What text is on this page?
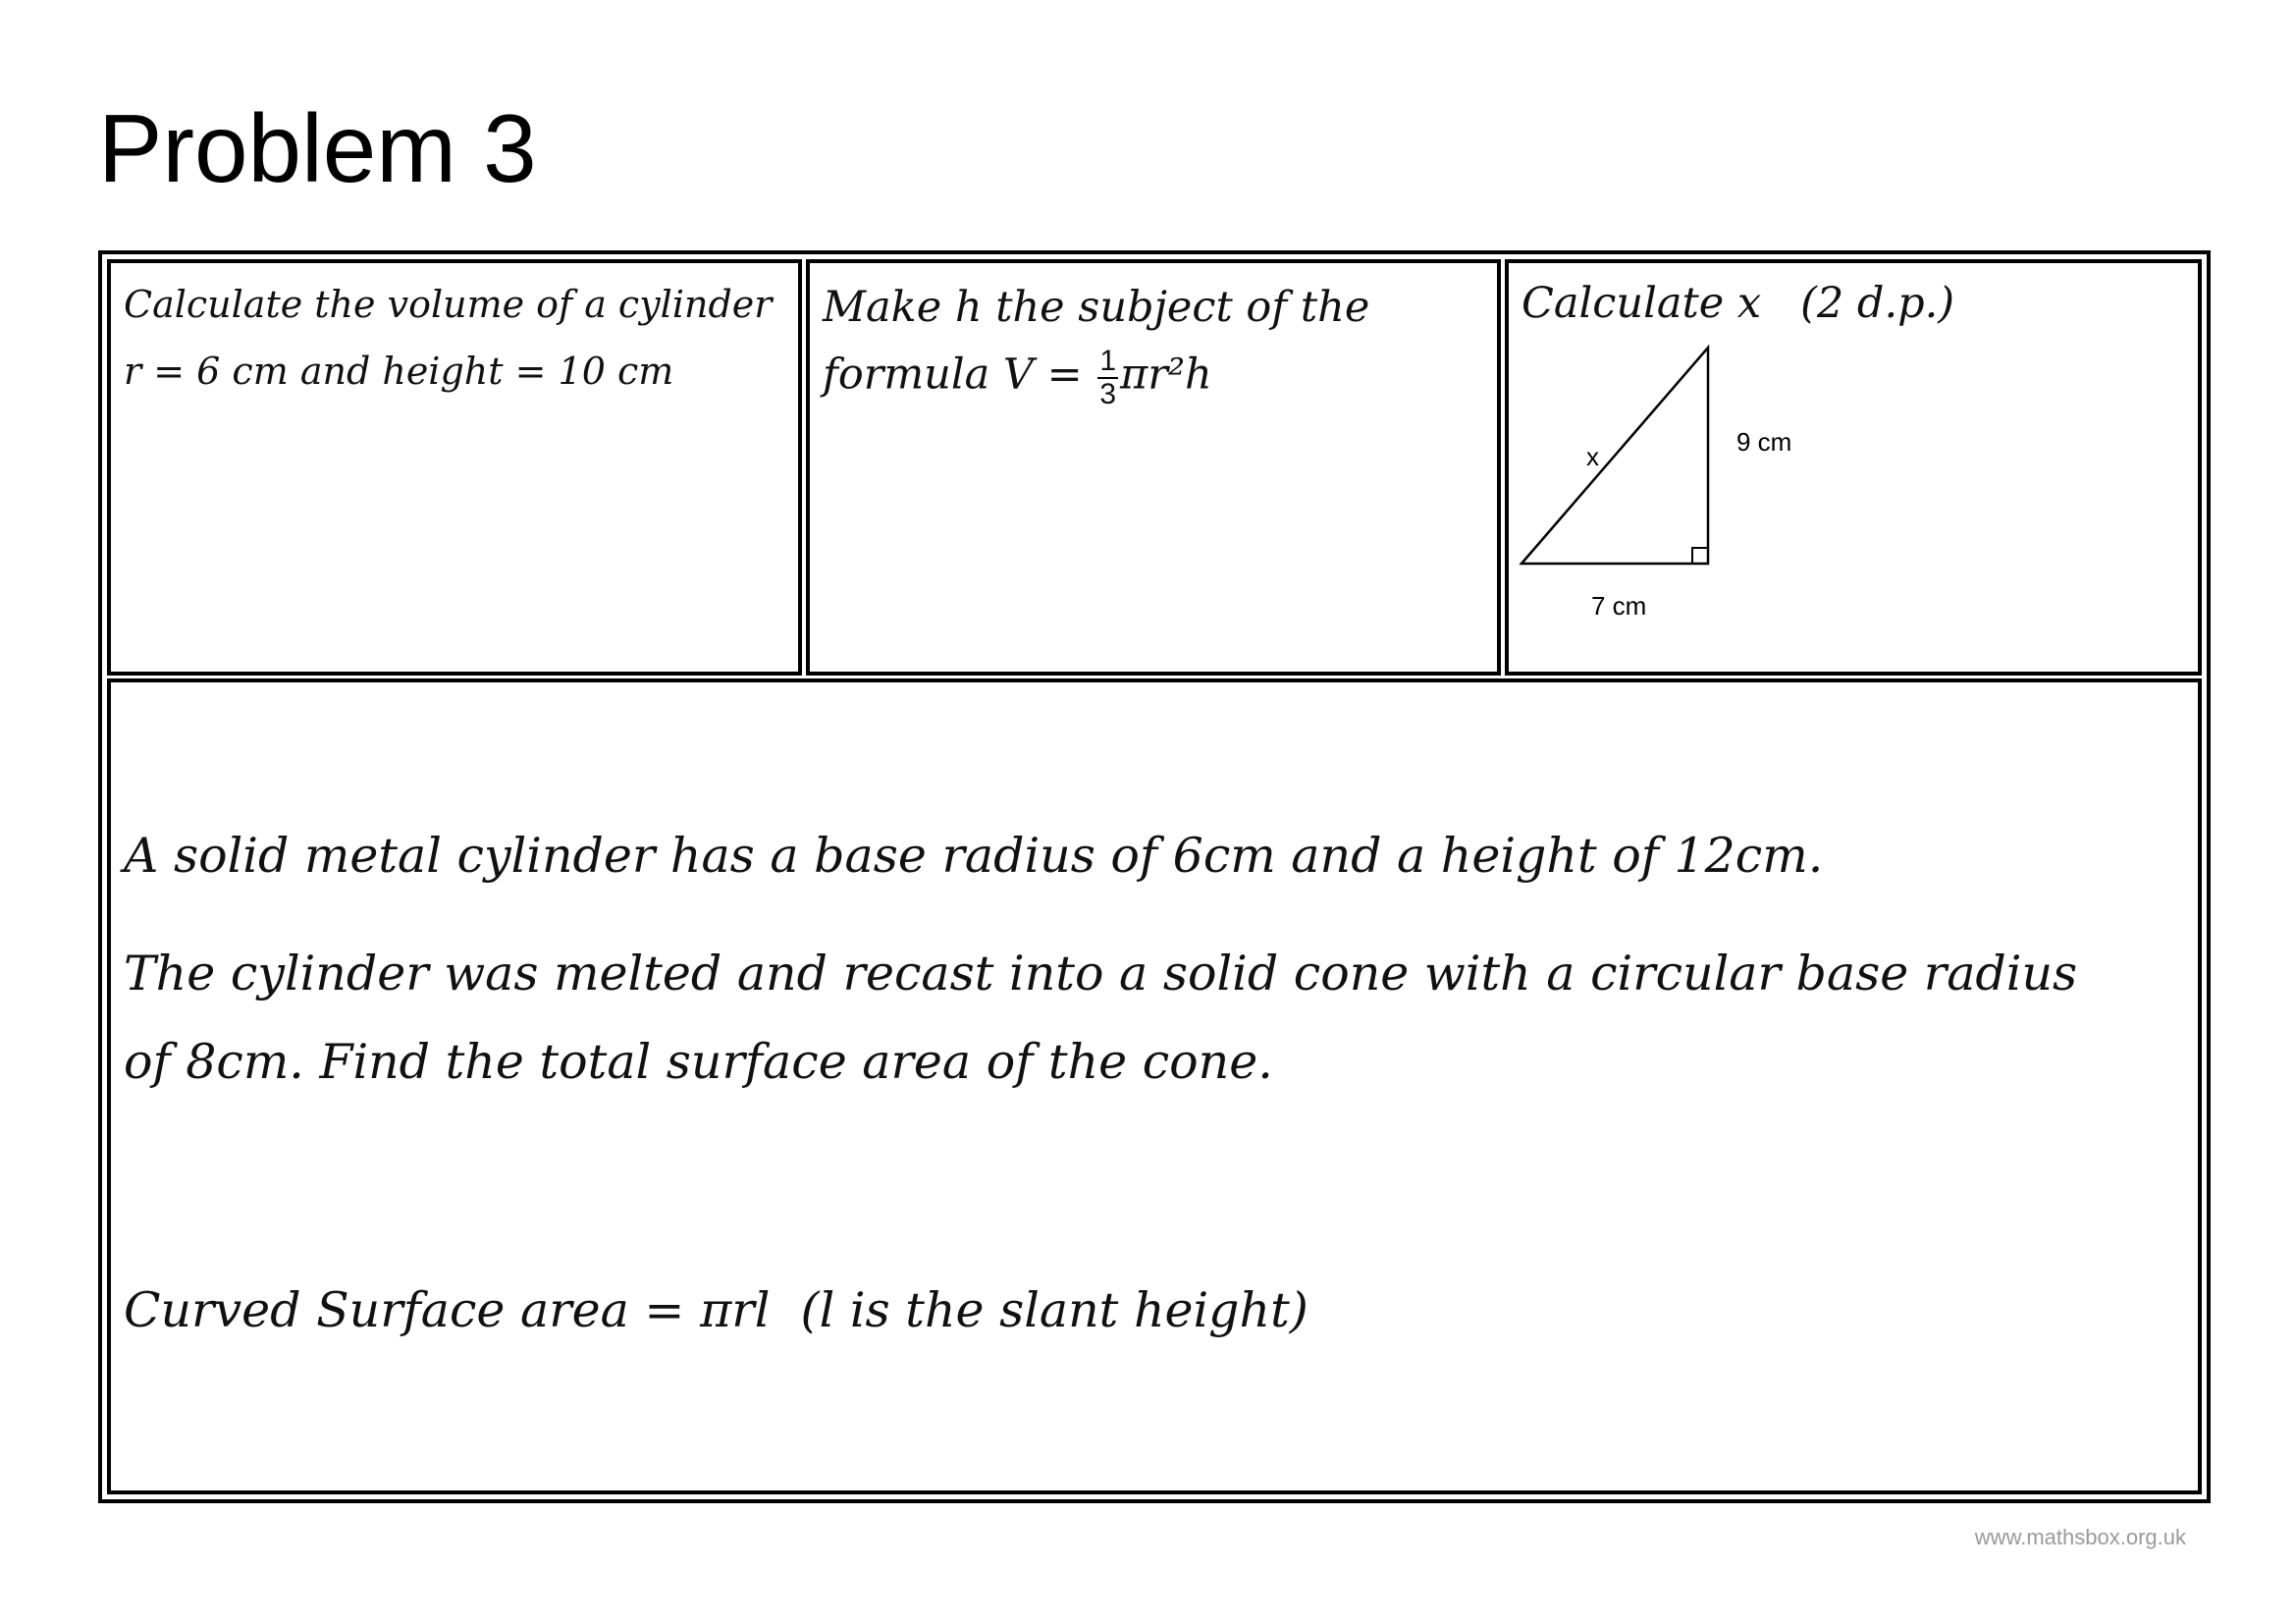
Problem 3
Calculate the volume of a cylinder
r = 6 cm and height = 10 cm
Make h the subject of the
formula $V = \frac{1}{3} \pi r^2h$
Calculate x (2 d.p.)
x	9 cm
7 cm
A solid metal cylinder has a base radius of 6cm and a height of 12cm.
The cylinder was melted and recast into a solid cone with a circular base radius
of 8cm. Find the total surface area of the cone.
Curved Surface area = πrl  (l is the slant height)
www.mathsbox.org.uk
